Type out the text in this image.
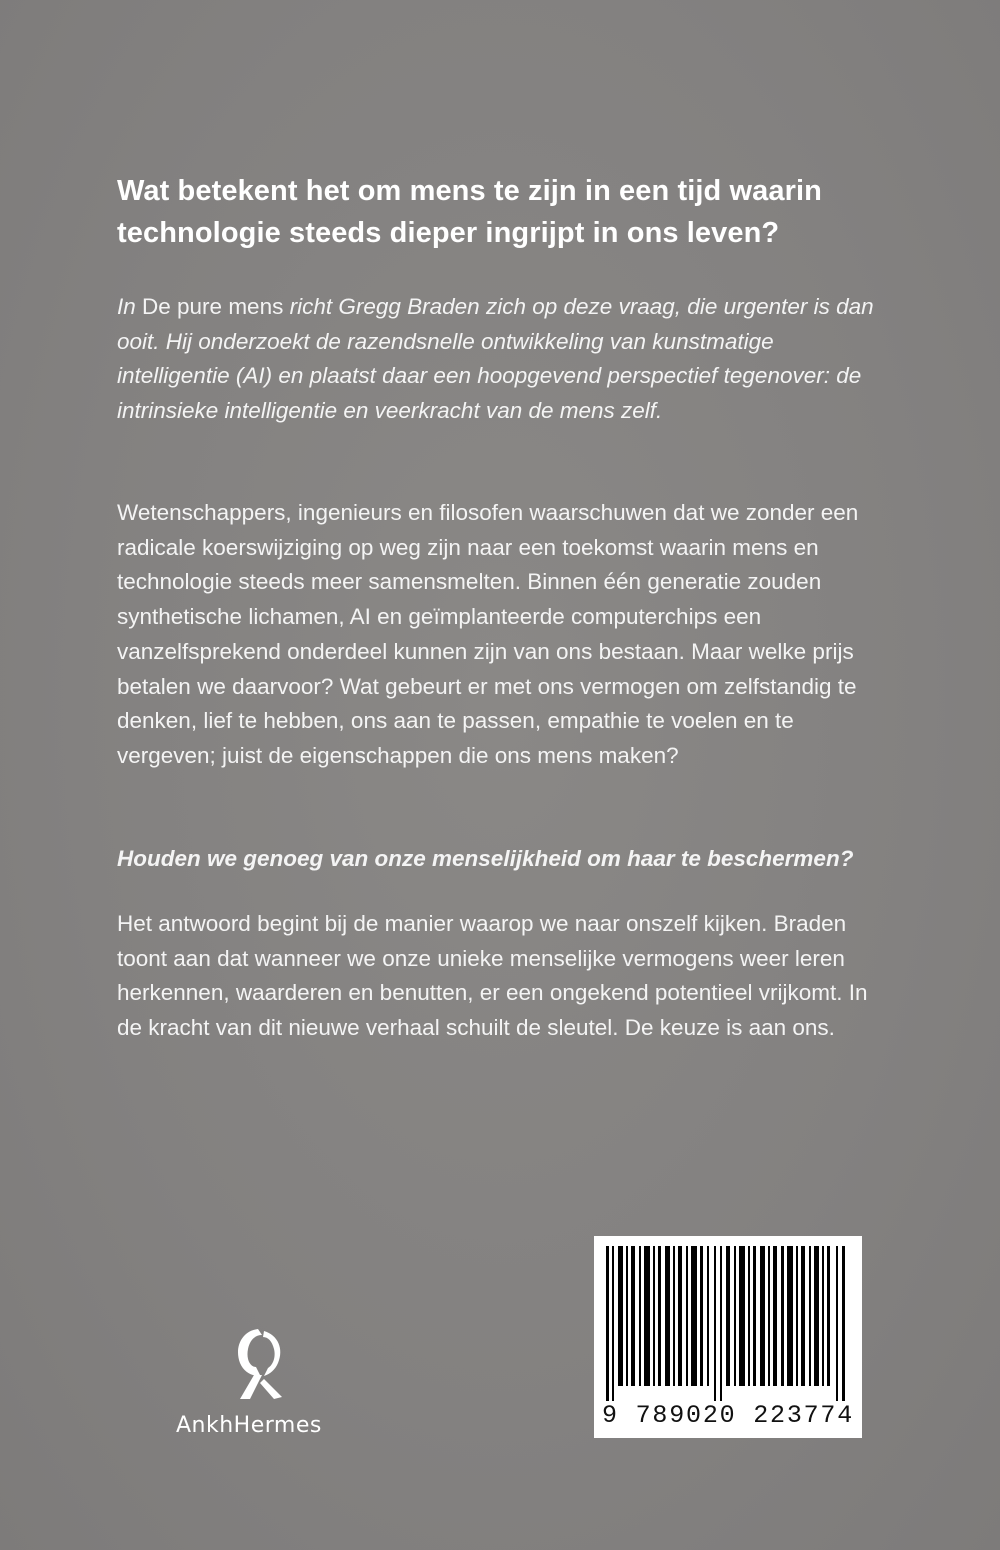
Wat betekent het om mens te zijn in een tijd waarin technologie steeds dieper ingrijpt in ons leven?

In De pure mens richt Gregg Braden zich op deze vraag, die urgenter is dan ooit. Hij onderzoekt de razendsnelle ontwikkeling van kunstmatige intelligentie (AI) en plaatst daar een hoopgevend perspectief tegenover: de intrinsieke intelligentie en veerkracht van de mens zelf.

Wetenschappers, ingenieurs en filosofen waarschuwen dat we zonder een radicale koerswijziging op weg zijn naar een toekomst waarin mens en technologie steeds meer samensmelten. Binnen één generatie zouden synthetische lichamen, AI en geïmplanteerde computerchips een vanzelfsprekend onderdeel kunnen zijn van ons bestaan. Maar welke prijs betalen we daarvoor? Wat gebeurt er met ons vermogen om zelfstandig te denken, lief te hebben, ons aan te passen, empathie te voelen en te vergeven; juist de eigenschappen die ons mens maken?

Houden we genoeg van onze menselijkheid om haar te beschermen?

Het antwoord begint bij de manier waarop we naar onszelf kijken. Braden toont aan dat wanneer we onze unieke menselijke vermogens weer leren herkennen, waarderen en benutten, er een ongekend potentieel vrijkomt. In de kracht van dit nieuwe verhaal schuilt de sleutel. De keuze is aan ons.

AnkhHermes	9 789020 223774
